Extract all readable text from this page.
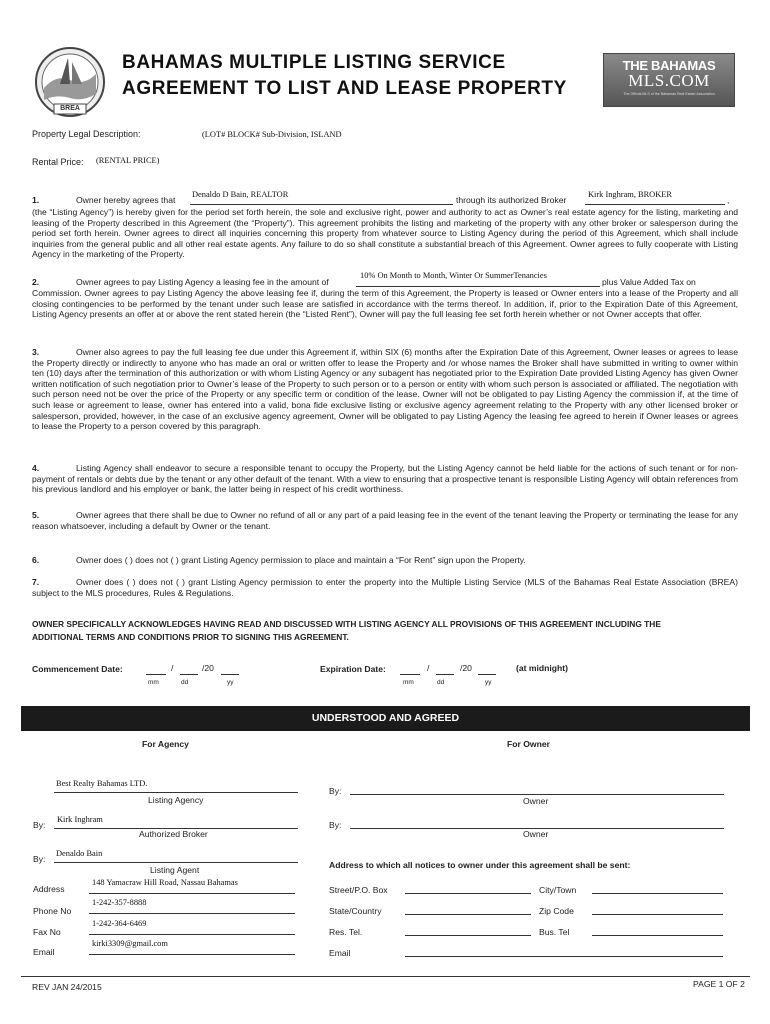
BREA
BAHAMAS MULTIPLE LISTING SERVICE
AGREEMENT TO LIST AND LEASE PROPERTY
THE BAHAMAS
MLS.COM
The Official MLS of the Bahamas Real Estate Association
Property Legal Description:	(LOT# BLOCK# Sub-Division, ISLAND
Rental Price: (RENTAL PRICE)
1.	Owner hereby agrees that
Denaldo D Bain, REALTOR
through its authorized Broker
Kirk Inghram, BROKER
,
(the “Listing Agency”) is hereby given for the period set forth herein, the sole and exclusive right, power and authority to act as Owner’s real estate agency for the listing, marketing and leasing of the Property described in this Agreement (the “Property”). This agreement prohibits the listing and marketing of the property with any other broker or salesperson during the period set forth herein. Owner agrees to direct all inquiries concerning this property from whatever source to Listing Agency during the period of this Agreement, which shall include inquiries from the general public and all other real estate agents. Any failure to do so shall constitute a substantial breach of this Agreement. Owner agrees to fully cooperate with Listing Agency in the marketing of the Property.
2.	Owner agrees to pay Listing Agency a leasing fee in the amount of
10% On Month to Month, Winter Or SummerTenancies
plus Value Added Tax on
Commission. Owner agrees to pay Listing Agency the above leasing fee if, during the term of this Agreement, the Property is leased or Owner enters into a lease of the Property and all closing contingencies to be performed by the tenant under such lease are satisfied in accordance with the terms thereof. In addition, if, prior to the Expiration Date of this Agreement, Listing Agency presents an offer at or above the rent stated herein (the “Listed Rent”), Owner will pay the full leasing fee set forth herein whether or not Owner accepts that offer.
3.	Owner also agrees to pay the full leasing fee due under this Agreement if, within SIX (6) months after the Expiration Date of this Agreement, Owner leases or agrees to lease the Property directly or indirectly to anyone who has made an oral or written offer to lease the Property and /or whose names the Broker shall have submitted in writing to owner within ten (10) days after the termination of this authorization or with whom Listing Agency or any subagent has negotiated prior to the Expiration Date provided Listing Agency has given Owner written notification of such negotiation prior to Owner’s lease of the Property to such person or to a person or entity with whom such person is associated or affiliated. The negotiation with such person need not be over the price of the Property or any specific term or condition of the lease. Owner will not be obligated to pay Listing Agency the commission if, at the time of such lease or agreement to lease, owner has entered into a valid, bona fide exclusive listing or exclusive agency agreement relating to the Property with any other licensed broker or salesperson, provided, however, in the case of an exclusive agency agreement, Owner will be obligated to pay Listing Agency the leasing fee agreed to herein if Owner leases or agrees to lease the Property to a person covered by this paragraph.
4.	Listing Agency shall endeavor to secure a responsible tenant to occupy the Property, but the Listing Agency cannot be held liable for the actions of such tenant or for non-payment of rentals or debts due by the tenant or any other default of the tenant. With a view to ensuring that a prospective tenant is responsible Listing Agency will obtain references from his previous landlord and his employer or bank, the latter being in respect of his credit worthiness.
5.	Owner agrees that there shall be due to Owner no refund of all or any part of a paid leasing fee in the event of the tenant leaving the Property or terminating the lease for any reason whatsoever, including a default by Owner or the tenant.
6.	Owner does ( ) does not ( ) grant Listing Agency permission to place and maintain a “For Rent” sign upon the Property.
7.	Owner does ( ) does not ( ) grant Listing Agency permission to enter the property into the Multiple Listing Service (MLS of the Bahamas Real Estate Association (BREA) subject to the MLS procedures, Rules & Regulations.
OWNER SPECIFICALLY ACKNOWLEDGES HAVING READ AND DISCUSSED WITH LISTING AGENCY ALL PROVISIONS OF THIS AGREEMENT INCLUDING THE
ADDITIONAL TERMS AND CONDITIONS PRIOR TO SIGNING THIS AGREEMENT.
Commencement Date:	/	/20
mm	dd	yy
Expiration Date:	/	/20
mm	dd	yy
(at midnight)
UNDERSTOOD AND AGREED
For Agency	For Owner
Best Realty Bahamas LTD.
Listing Agency
By:
Kirk Inghram
Authorized Broker
By:
Denaldo Bain
Listing Agent
Address
148 Yamacraw Hill Road, Nassau Bahamas
Phone No
1-242-357-8888
Fax No
1-242-364-6469
Email
kirki3309@gmail.com
By:
Owner
By:
Owner
Address to which all notices to owner under this agreement shall be sent:
Street/P.O. Box	City/Town
State/Country	Zip Code
Res. Tel.	Bus. Tel
Email
REV JAN 24/2015	PAGE 1 OF 2
